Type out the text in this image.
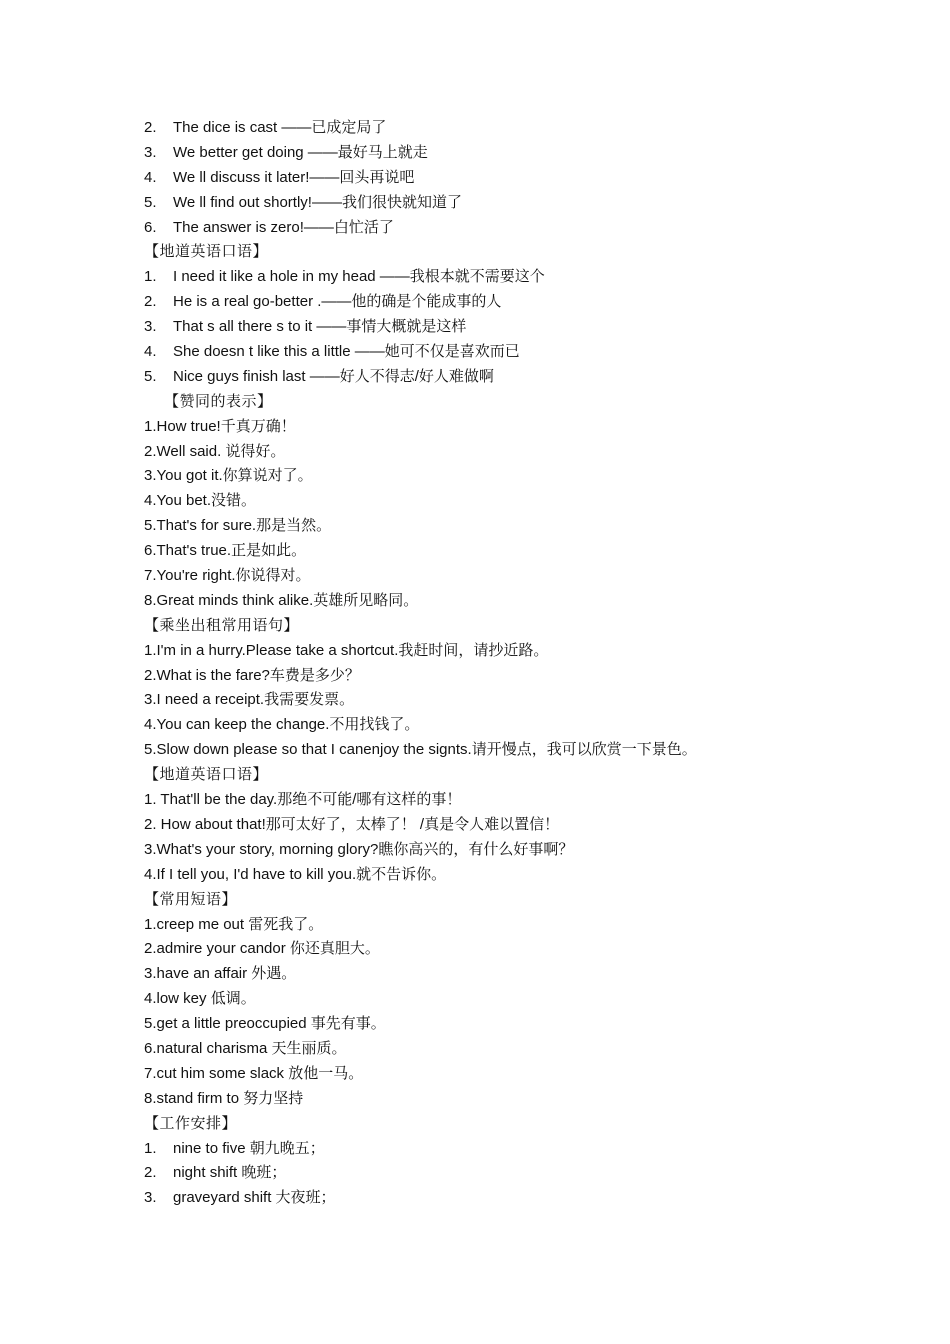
2. The dice is cast ——已成定局了
3. We better get doing ——最好马上就走
4. We ll discuss it later!——回头再说吧
5. We ll find out shortly!——我们很快就知道了
6. The answer is zero!——白忙活了
【地道英语口语】
1. I need it like a hole in my head ——我根本就不需要这个
2. He is a real go-better .——他的确是个能成事的人
3. That s all there s to it ——事情大概就是这样
4. She doesn t like this a little ——她可不仅是喜欢而已
5. Nice guys finish last ——好人不得志/好人难做啊
【赞同的表示】
1.How true!千真万确！
2.Well said. 说得好。
3.You got it.你算说对了。
4.You bet.没错。
5.That's for sure.那是当然。
6.That's true.正是如此。
7.You're right.你说得对。
8.Great minds think alike.英雄所见略同。
【乘坐出租常用语句】
1.I'm in a hurry.Please take a shortcut.我赶时间，请抄近路。
2.What is the fare?车费是多少？
3.I need a receipt.我需要发票。
4.You can keep the change.不用找钱了。
5.Slow down please so that I canenjoy the signts.请开慢点，我可以欣赏一下景色。
【地道英语口语】
1. That'll be the day.那绝不可能/哪有这样的事！
2. How about that!那可太好了，太棒了！ /真是令人难以置信！
3.What's your story, morning glory?瞧你高兴的，有什么好事啊？
4.If I tell you, I'd have to kill you.就不告诉你。
【常用短语】
1.creep me out 雷死我了。
2.admire your candor 你还真胆大。
3.have an affair 外遇。
4.low key 低调。
5.get a little preoccupied 事先有事。
6.natural charisma 天生丽质。
7.cut him some slack 放他一马。
8.stand firm to 努力坚持
【工作安排】
1. nine to five 朝九晚五；
2. night shift 晚班；
3. graveyard shift 大夜班；
